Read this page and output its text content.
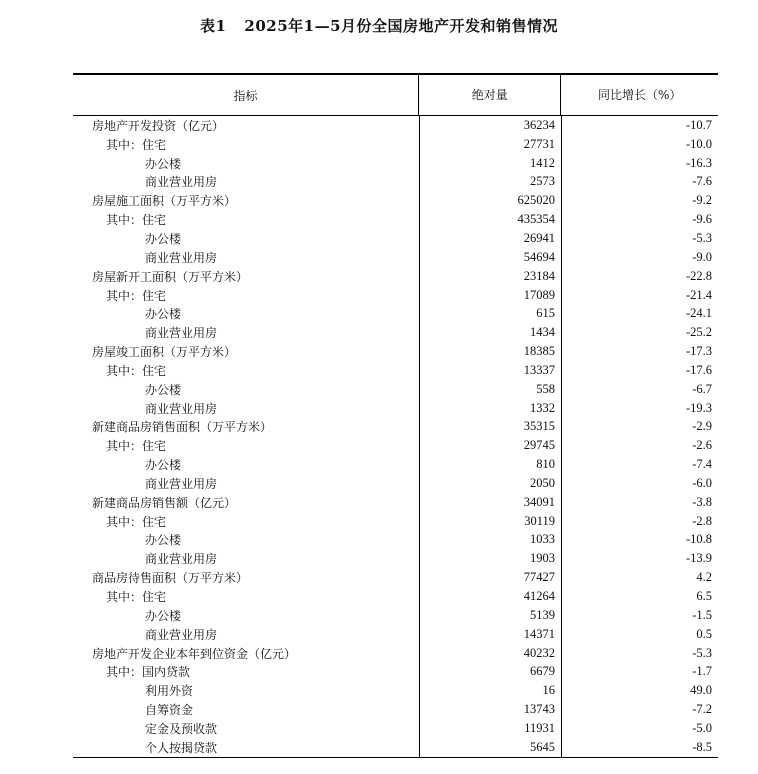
表1 2025年1—5月份全国房地产开发和销售情况
指标	绝对量	同比增长（%）
房地产开发投资（亿元）	36234	-10.7
其中：住宅	27731	-10.0
办公楼	1412	-16.3
商业营业用房	2573	-7.6
房屋施工面积（万平方米）	625020	-9.2
其中：住宅	435354	-9.6
办公楼	26941	-5.3
商业营业用房	54694	-9.0
房屋新开工面积（万平方米）	23184	-22.8
其中：住宅	17089	-21.4
办公楼	615	-24.1
商业营业用房	1434	-25.2
房屋竣工面积（万平方米）	18385	-17.3
其中：住宅	13337	-17.6
办公楼	558	-6.7
商业营业用房	1332	-19.3
新建商品房销售面积（万平方米）	35315	-2.9
其中：住宅	29745	-2.6
办公楼	810	-7.4
商业营业用房	2050	-6.0
新建商品房销售额（亿元）	34091	-3.8
其中：住宅	30119	-2.8
办公楼	1033	-10.8
商业营业用房	1903	-13.9
商品房待售面积（万平方米）	77427	4.2
其中：住宅	41264	6.5
办公楼	5139	-1.5
商业营业用房	14371	0.5
房地产开发企业本年到位资金（亿元）	40232	-5.3
其中：国内贷款	6679	-1.7
利用外资	16	49.0
自筹资金	13743	-7.2
定金及预收款	11931	-5.0
个人按揭贷款	5645	-8.5
